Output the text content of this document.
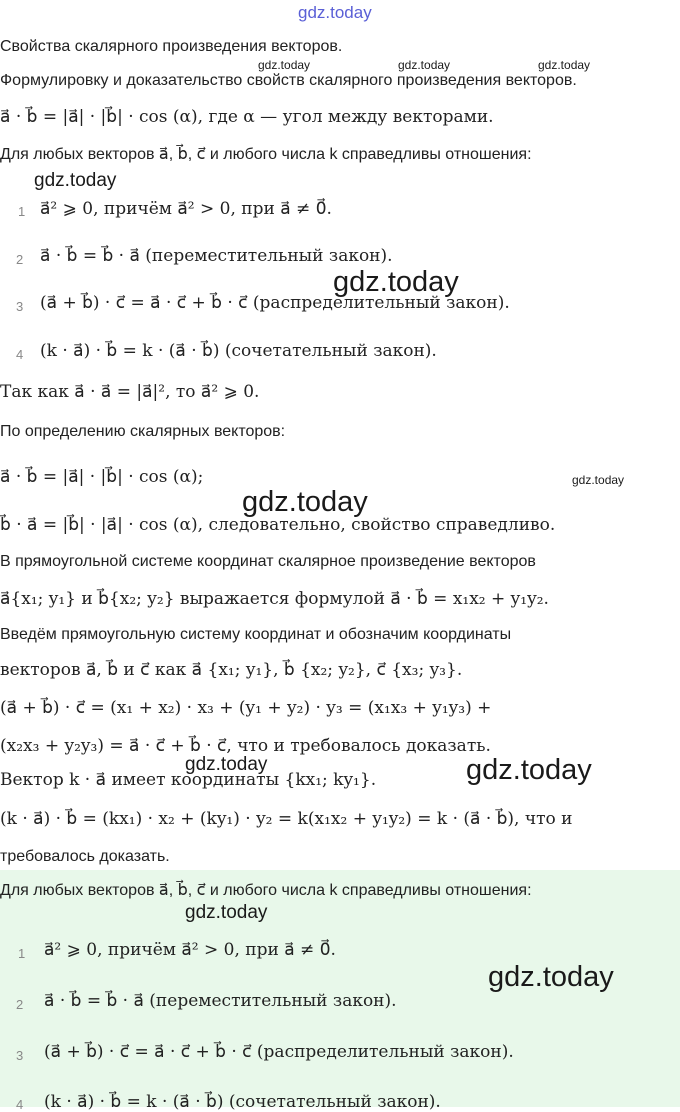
gdz.today
gdz.today	gdz.today	gdz.today
gdz.today
gdz.today
gdz.today
gdz.today
gdz.today	gdz.today
gdz.today
gdz.today
Свойства скалярного произведения векторов.
Формулировку и доказательство свойств скалярного произведения векторов.
a⃗ · b⃗ = |a⃗| · |b⃗| · cos (α), где α — угол между векторами.
Для любых векторов a⃗, b⃗, c⃗ и любого числа k справедливы отношения:
1 a⃗² ⩾ 0, причём a⃗² > 0, при a⃗ ≠ 0⃗.
2 a⃗ · b⃗ = b⃗ · a⃗ (переместительный закон).
3 (a⃗ + b⃗) · c⃗ = a⃗ · c⃗ + b⃗ · c⃗ (распределительный закон).
4 (k · a⃗) · b⃗ = k · (a⃗ · b⃗) (сочетательный закон).
Так как a⃗ · a⃗ = |a⃗|², то a⃗² ⩾ 0.
По определению скалярных векторов:
a⃗ · b⃗ = |a⃗| · |b⃗| · cos (α);
b⃗ · a⃗ = |b⃗| · |a⃗| · cos (α), следовательно, свойство справедливо.
В прямоугольной системе координат скалярное произведение векторов
a⃗{x₁; y₁} и b⃗{x₂; y₂} выражается формулой a⃗ · b⃗ = x₁x₂ + y₁y₂.
Введём прямоугольную систему координат и обозначим координаты
векторов a⃗, b⃗ и c⃗ как a⃗ {x₁; y₁}, b⃗ {x₂; y₂}, c⃗ {x₃; y₃}.
(a⃗ + b⃗) · c⃗ = (x₁ + x₂) · x₃ + (y₁ + y₂) · y₃ = (x₁x₃ + y₁y₃) +
(x₂x₃ + y₂y₃) = a⃗ · c⃗ + b⃗ · c⃗, что и требовалось доказать.
Вектор k · a⃗ имеет координаты {kx₁; ky₁}.
(k · a⃗) · b⃗ = (kx₁) · x₂ + (ky₁) · y₂ = k(x₁x₂ + y₁y₂) = k · (a⃗ · b⃗), что и
требовалось доказать.
Для любых векторов a⃗, b⃗, c⃗ и любого числа k справедливы отношения:
1 a⃗² ⩾ 0, причём a⃗² > 0, при a⃗ ≠ 0⃗.
2 a⃗ · b⃗ = b⃗ · a⃗ (переместительный закон).
3 (a⃗ + b⃗) · c⃗ = a⃗ · c⃗ + b⃗ · c⃗ (распределительный закон).
4 (k · a⃗) · b⃗ = k · (a⃗ · b⃗) (сочетательный закон).
